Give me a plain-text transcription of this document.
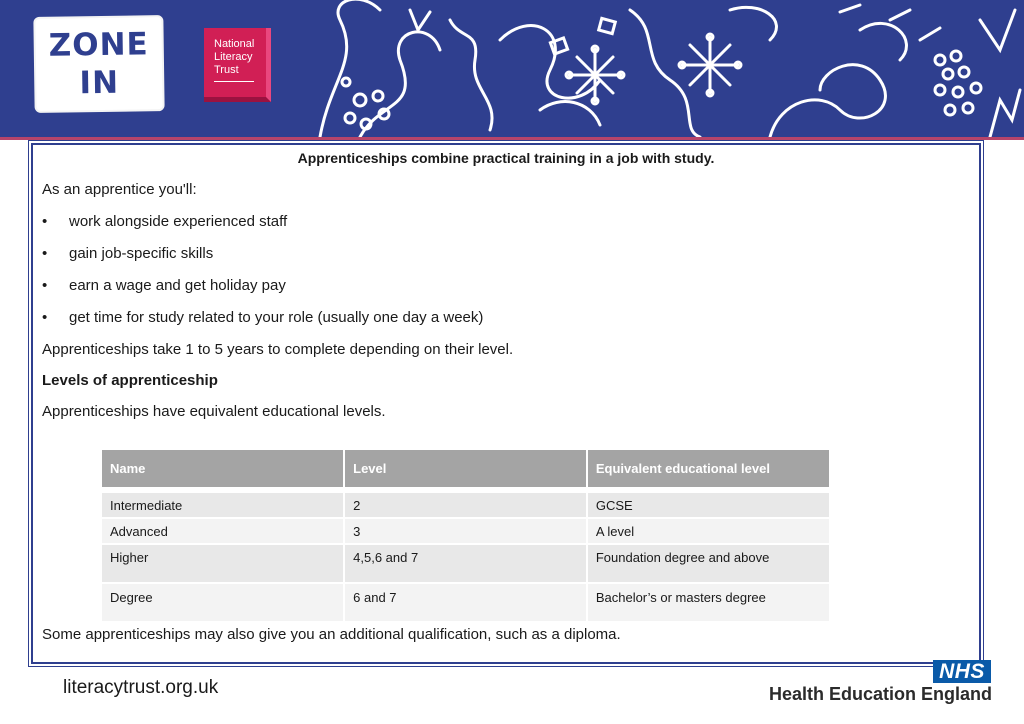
ZONE
IN
National
Literacy
Trust
Apprenticeships combine practical training in a job with study.
As an apprentice you'll:
• work alongside experienced staff
• gain job-specific skills
• earn a wage and get holiday pay
• get time for study related to your role (usually one day a week)
Apprenticeships take 1 to 5 years to complete depending on their level.
Levels of apprenticeship
Apprenticeships have equivalent educational levels.
Name	Level	Equivalent educational level

Intermediate	2	GCSE
Advanced	3	A level
Higher	4,5,6 and 7	Foundation degree and above
Degree	6 and 7	Bachelor’s or masters degree
Some apprenticeships may also give you an additional qualification, such as a diploma.
literacytrust.org.uk
NHS
Health Education England
